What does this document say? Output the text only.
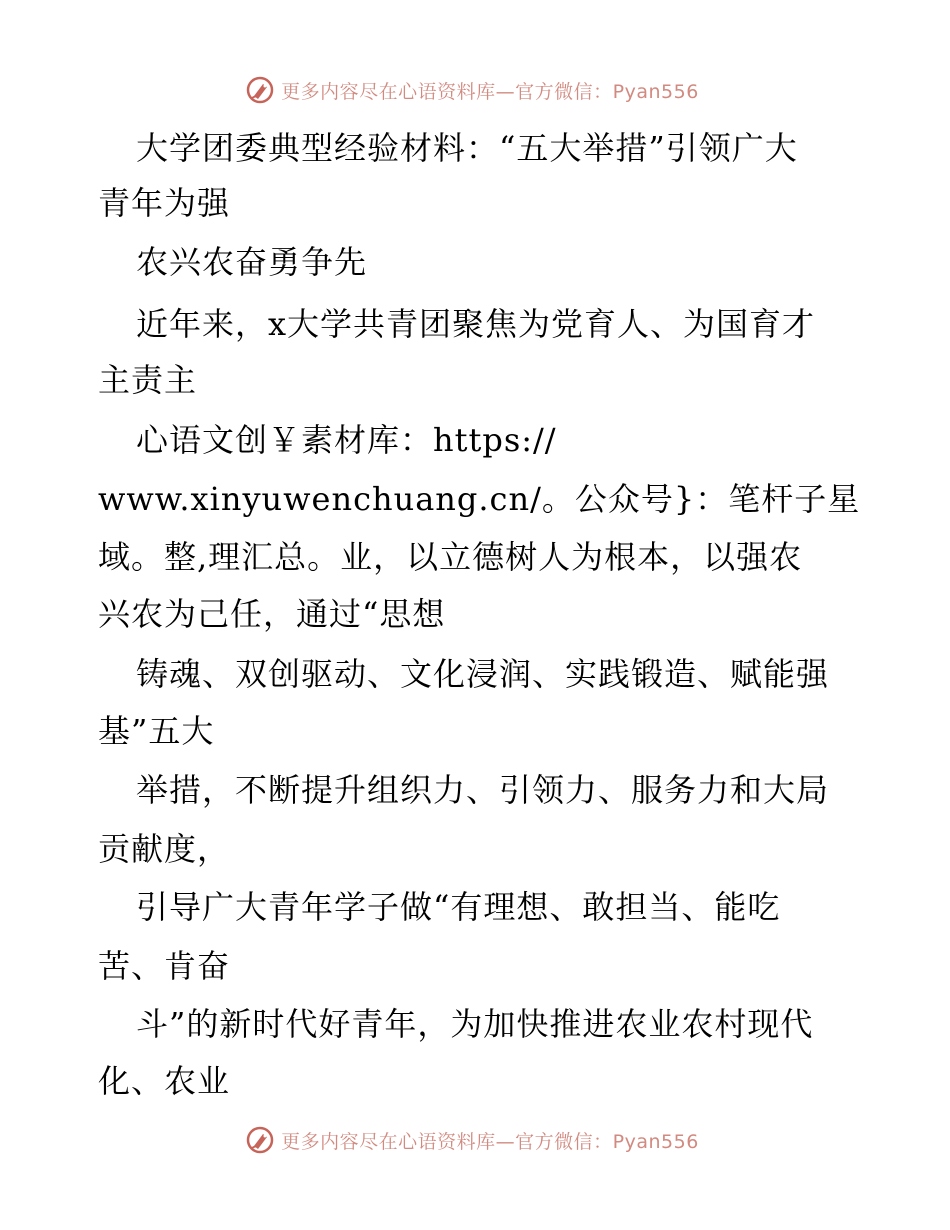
更多内容尽在心语资料库—官方微信：Pyan556
大学团委典型经验材料：“五大举措”引领广大
青年为强
农兴农奋勇争先
近年来，x大学共青团聚焦为党育人、为国育才
主责主
心语文创￥素材库：https://
www.xinyuwenchuang.cn/。公众号}：笔杆子星
域。整,理汇总。业，以立德树人为根本，以强农
兴农为己任，通过“思想
铸魂、双创驱动、文化浸润、实践锻造、赋能强
基”五大
举措，不断提升组织力、引领力、服务力和大局
贡献度，
引导广大青年学子做“有理想、敢担当、能吃
苦、肯奋
斗”的新时代好青年，为加快推进农业农村现代
化、农业
更多内容尽在心语资料库—官方微信：Pyan556
